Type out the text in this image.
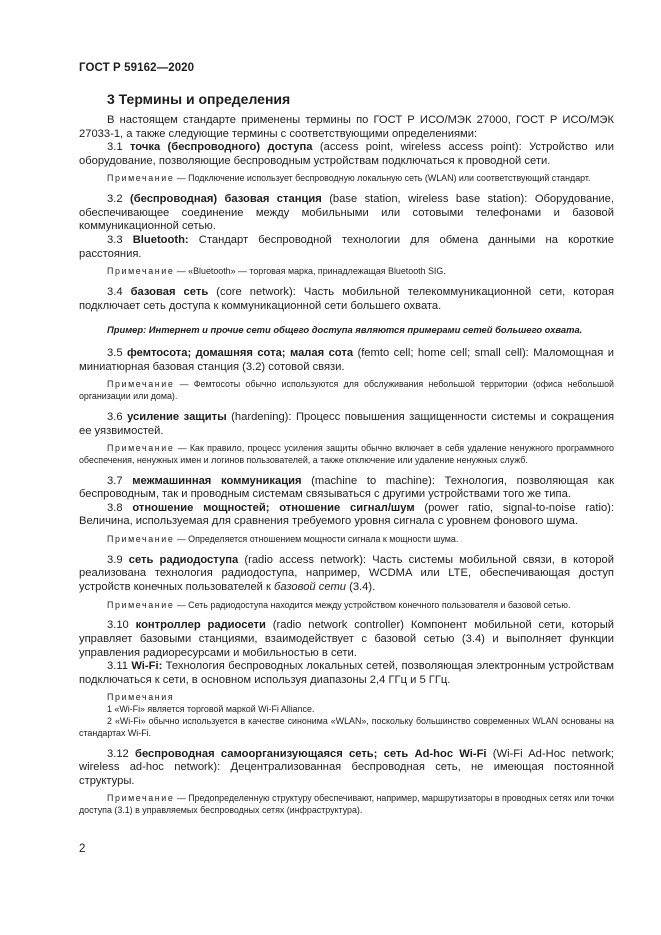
ГОСТ Р 59162—2020
3 Термины и определения

В настоящем стандарте применены термины по ГОСТ Р ИСО/МЭК 27000, ГОСТ Р ИСО/МЭК 27033-1, а также следующие термины с соответствующими определениями:

3.1 точка (беспроводного) доступа (access point, wireless access point): Устройство или оборудование, позволяющие беспроводным устройствам подключаться к проводной сети.

Примечание — Подключение использует беспроводную локальную сеть (WLAN) или соответствующий стандарт.

3.2 (беспроводная) базовая станция (base station, wireless base station): Оборудование, обеспечивающее соединение между мобильными или сотовыми телефонами и базовой коммуникационной сетью.

3.3 Bluetooth: Стандарт беспроводной технологии для обмена данными на короткие расстояния.

Примечание — «Bluetooth» — торговая марка, принадлежащая Bluetooth SIG.

3.4 базовая сеть (core network): Часть мобильной телекоммуникационной сети, которая подключает сеть доступа к коммуникационной сети большего охвата.

Пример: Интернет и прочие сети общего доступа являются примерами сетей большего охвата.

3.5 фемтосота; домашняя сота; малая сота (femto cell; home cell; small cell): Маломощная и миниатюрная базовая станция (3.2) сотовой связи.

Примечание — Фемтосоты обычно используются для обслуживания небольшой территории (офиса небольшой организации или дома).

3.6 усиление защиты (hardening): Процесс повышения защищенности системы и сокращения ее уязвимостей.

Примечание — Как правило, процесс усиления защиты обычно включает в себя удаление ненужного программного обеспечения, ненужных имен и логинов пользователей, а также отключение или удаление ненужных служб.

3.7 межмашинная коммуникация (machine to machine): Технология, позволяющая как беспроводным, так и проводным системам связываться с другими устройствами того же типа.

3.8 отношение мощностей; отношение сигнал/шум (power ratio, signal-to-noise ratio): Величина, используемая для сравнения требуемого уровня сигнала с уровнем фонового шума.

Примечание — Определяется отношением мощности сигнала к мощности шума.

3.9 сеть радиодоступа (radio access network): Часть системы мобильной связи, в которой реализована технология радиодоступа, например, WCDMA или LTE, обеспечивающая доступ устройств конечных пользователей к базовой сети (3.4).

Примечание — Сеть радиодоступа находится между устройством конечного пользователя и базовой сетью.

3.10 контроллер радиосети (radio network controller) Компонент мобильной сети, который управляет базовыми станциями, взаимодействует с базовой сетью (3.4) и выполняет функции управления радиоресурсами и мобильностью в сети.

3.11 Wi-Fi: Технология беспроводных локальных сетей, позволяющая электронным устройствам подключаться к сети, в основном используя диапазоны 2,4 ГГц и 5 ГГц.

Примечания

1 «Wi-Fi» является торговой маркой Wi-Fi Alliance.

2 «Wi-Fi» обычно используется в качестве синонима «WLAN», поскольку большинство современных WLAN основаны на стандартах Wi-Fi.

3.12 беспроводная самоорганизующаяся сеть; сеть Ad-hoc Wi-Fi (Wi-Fi Ad-Hoc network; wireless ad-hoc network): Децентрализованная беспроводная сеть, не имеющая постоянной структуры.

Примечание — Предопределенную структуру обеспечивают, например, маршрутизаторы в проводных сетях или точки доступа (3.1) в управляемых беспроводных сетях (инфраструктура).

2
